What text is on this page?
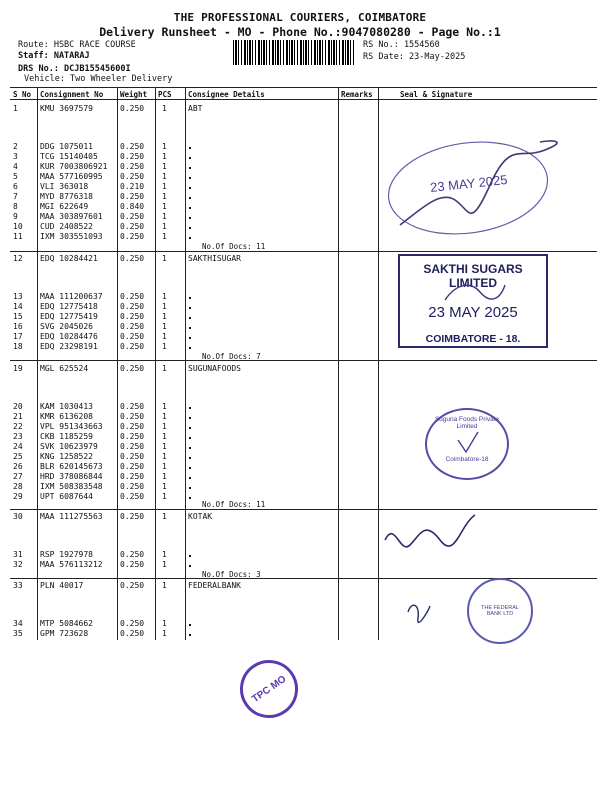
THE PROFESSIONAL COURIERS, COIMBATORE
Delivery Runsheet - MO - Phone No.:9047080280 - Page No.:1
Route: HSBC RACE COURSE
Staff: NATARAJ
DRS No.: DCJB15545600I
Vehicle: Two Wheeler Delivery
RS No.: 1554560
RS Date: 23-May-2025
S No Consignment No Weight PCS Consignee Details	Remarks	Seal & Signature
1	KMU 3697579	0.250 1	ABT
2	DDG 1075011	0.250 1
3	TCG 15140405	0.250 1
4	KUR 7003806921 0.250 1
5	MAA 577160995 0.250 1
6	VLI 363018	0.210 1
7	MYD 8776318	0.250 1
8	MGI 622649	0.840 1
9	MAA 303897601 0.250 1
10 CUD 2408522	0.250 1
11 IXM 303551093 0.250 1
No.Of Docs: 11
12 EDQ 10284421	0.250 1	SAKTHISUGAR
13 MAA 111200637 0.250 1
14 EDQ 12775418	0.250 1
15 EDQ 12775419	0.250 1
16 SVG 2045026	0.250 1
17 EDQ 10284476	0.250 1
18 EDQ 23298191	0.250 1
No.Of Docs: 7
19 MGL 625524	0.250 1	SUGUNAFOODS
20 KAM 1030413	0.250 1
21 KMR 6136208	0.250 1
22 VPL 951343663 0.250 1
23 CKB 1185259	0.250 1
24 SVK 10623979	0.250 1
25 KNG 1258522	0.250 1
26 BLR 620145673 0.250 1
27 HRD 378086844 0.250 1
28 IXM 508383548 0.250 1
29 UPT 6087644	0.250 1
No.Of Docs: 11
30 MAA 111275563 0.250 1	KOTAK
31 RSP 1927978	0.250 1
32 MAA 576113212 0.250 1
No.Of Docs: 3
33 PLN 40017	0.250 1	FEDERALBANK
34 MTP 5084662	0.250 1
35 GPM 723628	0.250 1
23 MAY 2025
SAKTHI SUGARS LIMITED
23 MAY 2025
COIMBATORE - 18.
Suguna Foods Private Limited
Coimbatore-18
THE FEDERAL BANK LTD
TPC MO
